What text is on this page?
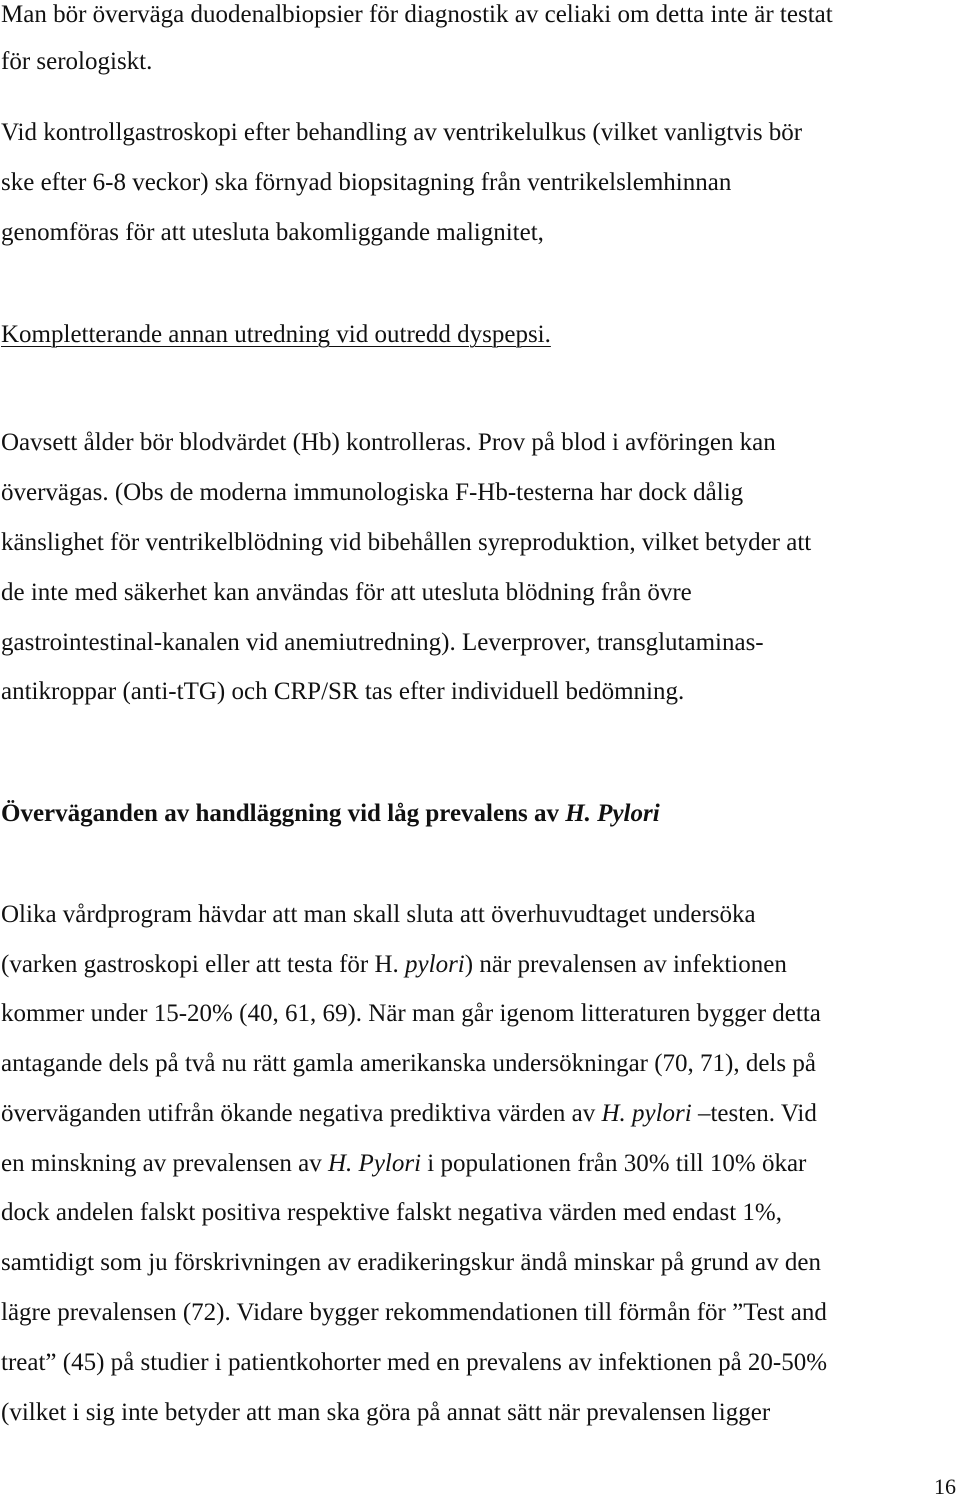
Man bör överväga duodenalbiopsier för diagnostik av celiaki om detta inte är testat
för serologiskt.
Vid kontrollgastroskopi efter behandling av ventrikelulkus (vilket vanligtvis bör
ske efter 6-8 veckor) ska förnyad biopsitagning från ventrikelslemhinnan
genomföras för att utesluta bakomliggande malignitet,
Kompletterande annan utredning vid outredd dyspepsi.
Oavsett ålder bör blodvärdet (Hb) kontrolleras. Prov på blod i avföringen kan
övervägas. (Obs de moderna immunologiska F-Hb-testerna har dock dålig
känslighet för ventrikelblödning vid bibehållen syreproduktion, vilket betyder att
de inte med säkerhet kan användas för att utesluta blödning från övre
gastrointestinal-kanalen vid anemiutredning). Leverprover, transglutaminas-
antikroppar (anti-tTG) och CRP/SR tas efter individuell bedömning.
Överväganden av handläggning vid låg prevalens av H. Pylori
Olika vårdprogram hävdar att man skall sluta att överhuvudtaget undersöka
(varken gastroskopi eller att testa för H. pylori) när prevalensen av infektionen
kommer under 15-20% (40, 61, 69). När man går igenom litteraturen bygger detta
antagande dels på två nu rätt gamla amerikanska undersökningar (70, 71), dels på
överväganden utifrån ökande negativa prediktiva värden av H. pylori –testen. Vid
en minskning av prevalensen av H. Pylori i populationen från 30% till 10% ökar
dock andelen falskt positiva respektive falskt negativa värden med endast 1%,
samtidigt som ju förskrivningen av eradikeringskur ändå minskar på grund av den
lägre prevalensen (72). Vidare bygger rekommendationen till förmån för ”Test and
treat” (45) på studier i patientkohorter med en prevalens av infektionen på 20-50%
(vilket i sig inte betyder att man ska göra på annat sätt när prevalensen ligger
16
